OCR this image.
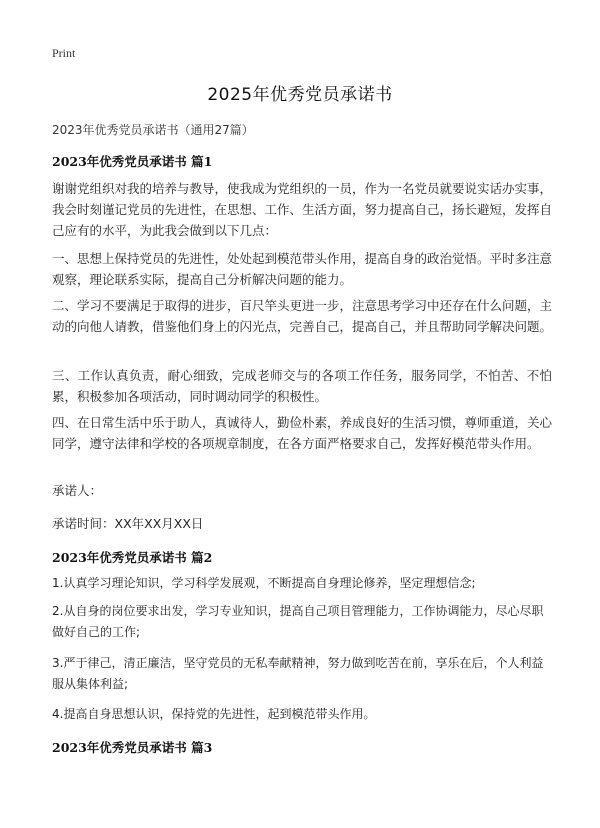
Print
2025年优秀党员承诺书
2023年优秀党员承诺书（通用27篇）
2023年优秀党员承诺书 篇1
谢谢党组织对我的培养与教导，使我成为党组织的一员，作为一名党员就要说实话办实事，我会时刻谨记党员的先进性，在思想、工作、生活方面，努力提高自己，扬长避短，发挥自己应有的水平，为此我会做到以下几点：
一、思想上保持党员的先进性，处处起到模范带头作用，提高自身的政治觉悟。平时多注意观察，理论联系实际，提高自己分析解决问题的能力。
二、学习不要满足于取得的进步，百尺竿头更进一步，注意思考学习中还存在什么问题，主动的向他人请教，借鉴他们身上的闪光点，完善自己，提高自己，并且帮助同学解决问题。
三、工作认真负责，耐心细致，完成老师交与的各项工作任务，服务同学，不怕苦、不怕累，积极参加各项活动，同时调动同学的积极性。
四、在日常生活中乐于助人，真诚待人，勤俭朴素，养成良好的生活习惯，尊师重道，关心同学，遵守法律和学校的各项规章制度，在各方面严格要求自己，发挥好模范带头作用。
承诺人：
承诺时间：XX年XX月XX日
2023年优秀党员承诺书 篇2
1.认真学习理论知识，学习科学发展观，不断提高自身理论修养，坚定理想信念;
2.从自身的岗位要求出发，学习专业知识，提高自己项目管理能力，工作协调能力，尽心尽职做好自己的工作;
3.严于律己，清正廉洁，坚守党员的无私奉献精神，努力做到吃苦在前，享乐在后，个人利益服从集体利益;
4.提高自身思想认识，保持党的先进性，起到模范带头作用。
2023年优秀党员承诺书 篇3
